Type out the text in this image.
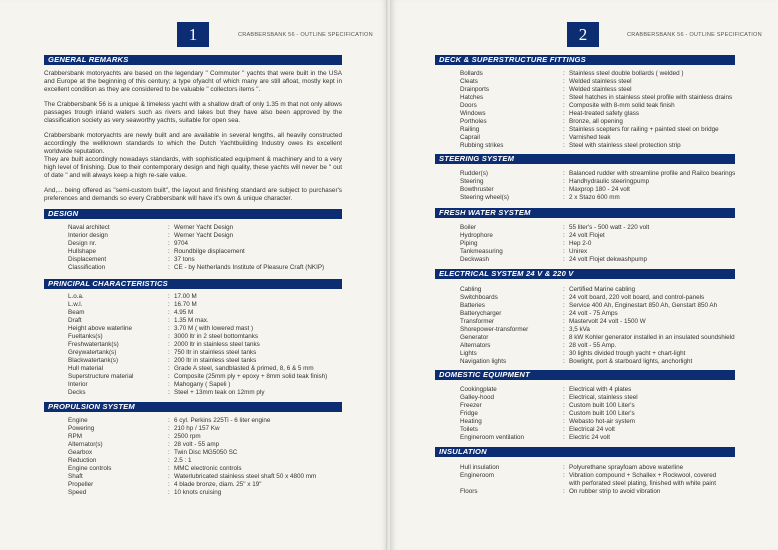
1	CRABBERSBANK 56 - OUTLINE SPECIFICATION
GENERAL REMARKS
Crabbersbank motoryachts are based on the legendary " Commuter " yachts that were built in the USA and Europe at the beginning of this century; a type ofyacht of which many are still afloat, mostly kept in excellent condition as they are considered to be valuable " collectors items ".
The Crabbersbank 56 is a unique & timeless yacht with a shallow draft of only 1.35 m that not only allows passages trough inland waters such as rivers and lakes but they have also been approved by the classification society as very seaworthy yachts, suitable for open sea.
Crabbersbank motoryachts are newly built and are available in several lengths, all heavily constructed accordingly the wellknown standards to which the Dutch Yachtbuilding Industry owes its excellent worldwide reputation.
They are built accordingly nowadays standards, with sophisticated equipment & machinery and to a very high level of finishing. Due to their contemporary design and high quality, these yachts will never be " out of date " and will always keep a high re-sale value.
And,... being offered as "semi-custom built", the layout and finishing standard are subject to purchaser's preferences and demands so every Crabbersbank will have it's own & unique character.
DESIGN
Naval architect	: Werner Yacht Design
Interior design	: Werner Yacht Design
Design nr.	: 9704
Hullshape	: Roundbilge displacement
Displacement	: 37 tons
Classification	: CE - by Netherlands Institute of Pleasure Craft (NKIP)
PRINCIPAL CHARACTERISTICS
L.o.a.	: 17.00 M
L.w.l.	: 16.70 M
Beam	: 4.95 M
Draft	: 1.35 M max.
Height above waterline	: 3.70 M ( with lowered mast )
Fueltanks(s)	: 3000 ltr in 2 steel bottomtanks
Freshwatertank(s)	: 2000 ltr in stainless steel tanks
Greywatertank(s)	: 750 ltr in stainless steel tanks
Blackwatertank(s)	: 200 ltr in stainless steel tanks
Hull material	: Grade A steel, sandblasted & primed, 8, 6 & 5 mm
Superstructure material	: Composite (25mm ply + epoxy + 8mm solid teak finish)
Interior	: Mahogany ( Sapeli )
Decks	: Steel + 13mm teak on 12mm ply
PROPULSION SYSTEM
Engine	: 6 cyl. Perkins 225Ti - 6 liter engine
Powering	: 210 hp / 157 Kw
RPM	: 2500 rpm
Alternator(s)	: 28 volt - 55 amp
Gearbox	: Twin Disc MG5050 SC
Reduction	: 2.5 : 1
Engine controls	: MMC electronic controls
Shaft	: Waterlubricated stainless steel shaft 50 x 4800 mm
Propeller	: 4 blade bronze, diam. 25" x 19"
Speed	: 10 knots cruising
2	CRABBERSBANK 56 - OUTLINE SPECIFICATION
DECK & SUPERSTRUCTURE FITTINGS
Bollards	: Stainless steel double bollards ( welded )
Cleats	: Welded stainless steel
Drainports	: Welded stainless steel
Hatches	: Steel hatches in stainless steel profile with stainless drains
Doors	: Composite with 8-mm solid teak finish
Windows	: Heat-treated safety glass
Portholes	: Bronze, all opening
Railing	: Stainless scepters for railing + painted steel on bridge
Caprail	: Varnished teak
Rubbing strikes	: Steel with stainless steel protection strip
STEERING SYSTEM
Rudder(s)	: Balanced rudder with streamline profile and Railco bearings
Steering	: Handhydraulic steeringpump
Bowthruster	: Maxprop 180 - 24 volt
Steering wheel(s)	: 2 x Stazo 600 mm
FRESH WATER SYSTEM
Boiler	: 55 liter's - 500 watt - 220 volt
Hydrophore	: 24 volt Flojet
Piping	: Hep 2-0
Tankmeasuring	: Unirex
Deckwash	: 24 volt Flojet dekwashpump
ELECTRICAL SYSTEM 24 V & 220 V
Cabling	: Certified Marine cabling
Switchboards	: 24 volt board, 220 volt board, and control-panels
Batteries	: Service 400 Ah, Enginestart 850 Ah, Genstart 850 Ah
Batterycharger	: 24 volt - 75 Amps
Transformer	: Mastervolt 24 volt - 1500 W
Shorepower-transformer	: 3,5 kVa
Generator	: 8 kW Kohler generator installed in an insulated soundshield
Alternators	: 28 volt - 55 Amp.
Lights	: 30 lights divided trough yacht + chart-light
Navigation lights	: Bowlight, port & starboard lights, anchorlight
DOMESTIC EQUIPMENT
Cookingplate	: Electrical with 4 plates
Galley-hood	: Electrical, stainless steel
Freezer	: Custom built 100 Liter's
Fridge	: Custom built 100 Liter's
Heating	: Webasto hot-air system
Toilets	: Electrical 24 volt
Engineroom ventilation	: Electric 24 volt
INSULATION
Hull insulation	: Polyurethane sprayfoam above waterline
Engineroom	: Vibration compound + Schallex + Rockwool, covered
with perforated steel plating, finished with white paint
Floors	: On rubber strip to avoid vibration
